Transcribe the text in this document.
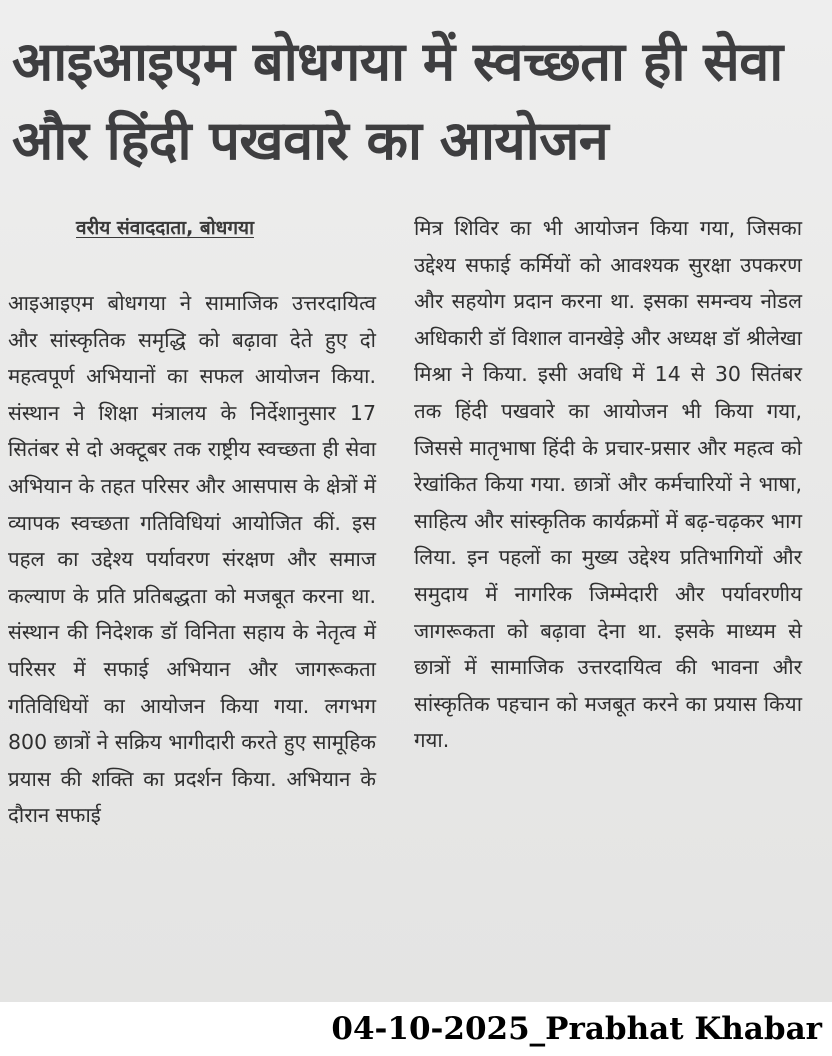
आइआइएम बोधगया में स्वच्छता ही सेवा और हिंदी पखवारे का आयोजन
वरीय संवाददाता, बोधगया
आइआइएम बोधगया ने सामाजिक उत्तरदायित्व और सांस्कृतिक समृद्धि को बढ़ावा देते हुए दो महत्वपूर्ण अभियानों का सफल आयोजन किया. संस्थान ने शिक्षा मंत्रालय के निर्देशानुसार 17 सितंबर से दो अक्टूबर तक राष्ट्रीय स्वच्छता ही सेवा अभियान के तहत परिसर और आसपास के क्षेत्रों में व्यापक स्वच्छता गतिविधियां आयोजित कीं. इस पहल का उद्देश्य पर्यावरण संरक्षण और समाज कल्याण के प्रति प्रतिबद्धता को मजबूत करना था. संस्थान की निदेशक डॉ विनिता सहाय के नेतृत्व में परिसर में सफाई अभियान और जागरूकता गतिविधियों का आयोजन किया गया. लगभग 800 छात्रों ने सक्रिय भागीदारी करते हुए सामूहिक प्रयास की शक्ति का प्रदर्शन किया. अभियान के दौरान सफाई
मित्र शिविर का भी आयोजन किया गया, जिसका उद्देश्य सफाई कर्मियों को आवश्यक सुरक्षा उपकरण और सहयोग प्रदान करना था. इसका समन्वय नोडल अधिकारी डॉ विशाल वानखेड़े और अध्यक्ष डॉ श्रीलेखा मिश्रा ने किया. इसी अवधि में 14 से 30 सितंबर तक हिंदी पखवारे का आयोजन भी किया गया, जिससे मातृभाषा हिंदी के प्रचार-प्रसार और महत्व को रेखांकित किया गया. छात्रों और कर्मचारियों ने भाषा, साहित्य और सांस्कृतिक कार्यक्रमों में बढ़-चढ़कर भाग लिया. इन पहलों का मुख्य उद्देश्य प्रतिभागियों और समुदाय में नागरिक जिम्मेदारी और पर्यावरणीय जागरूकता को बढ़ावा देना था. इसके माध्यम से छात्रों में सामाजिक उत्तरदायित्व की भावना और सांस्कृतिक पहचान को मजबूत करने का प्रयास किया गया.
04-10-2025_Prabhat Khabar
